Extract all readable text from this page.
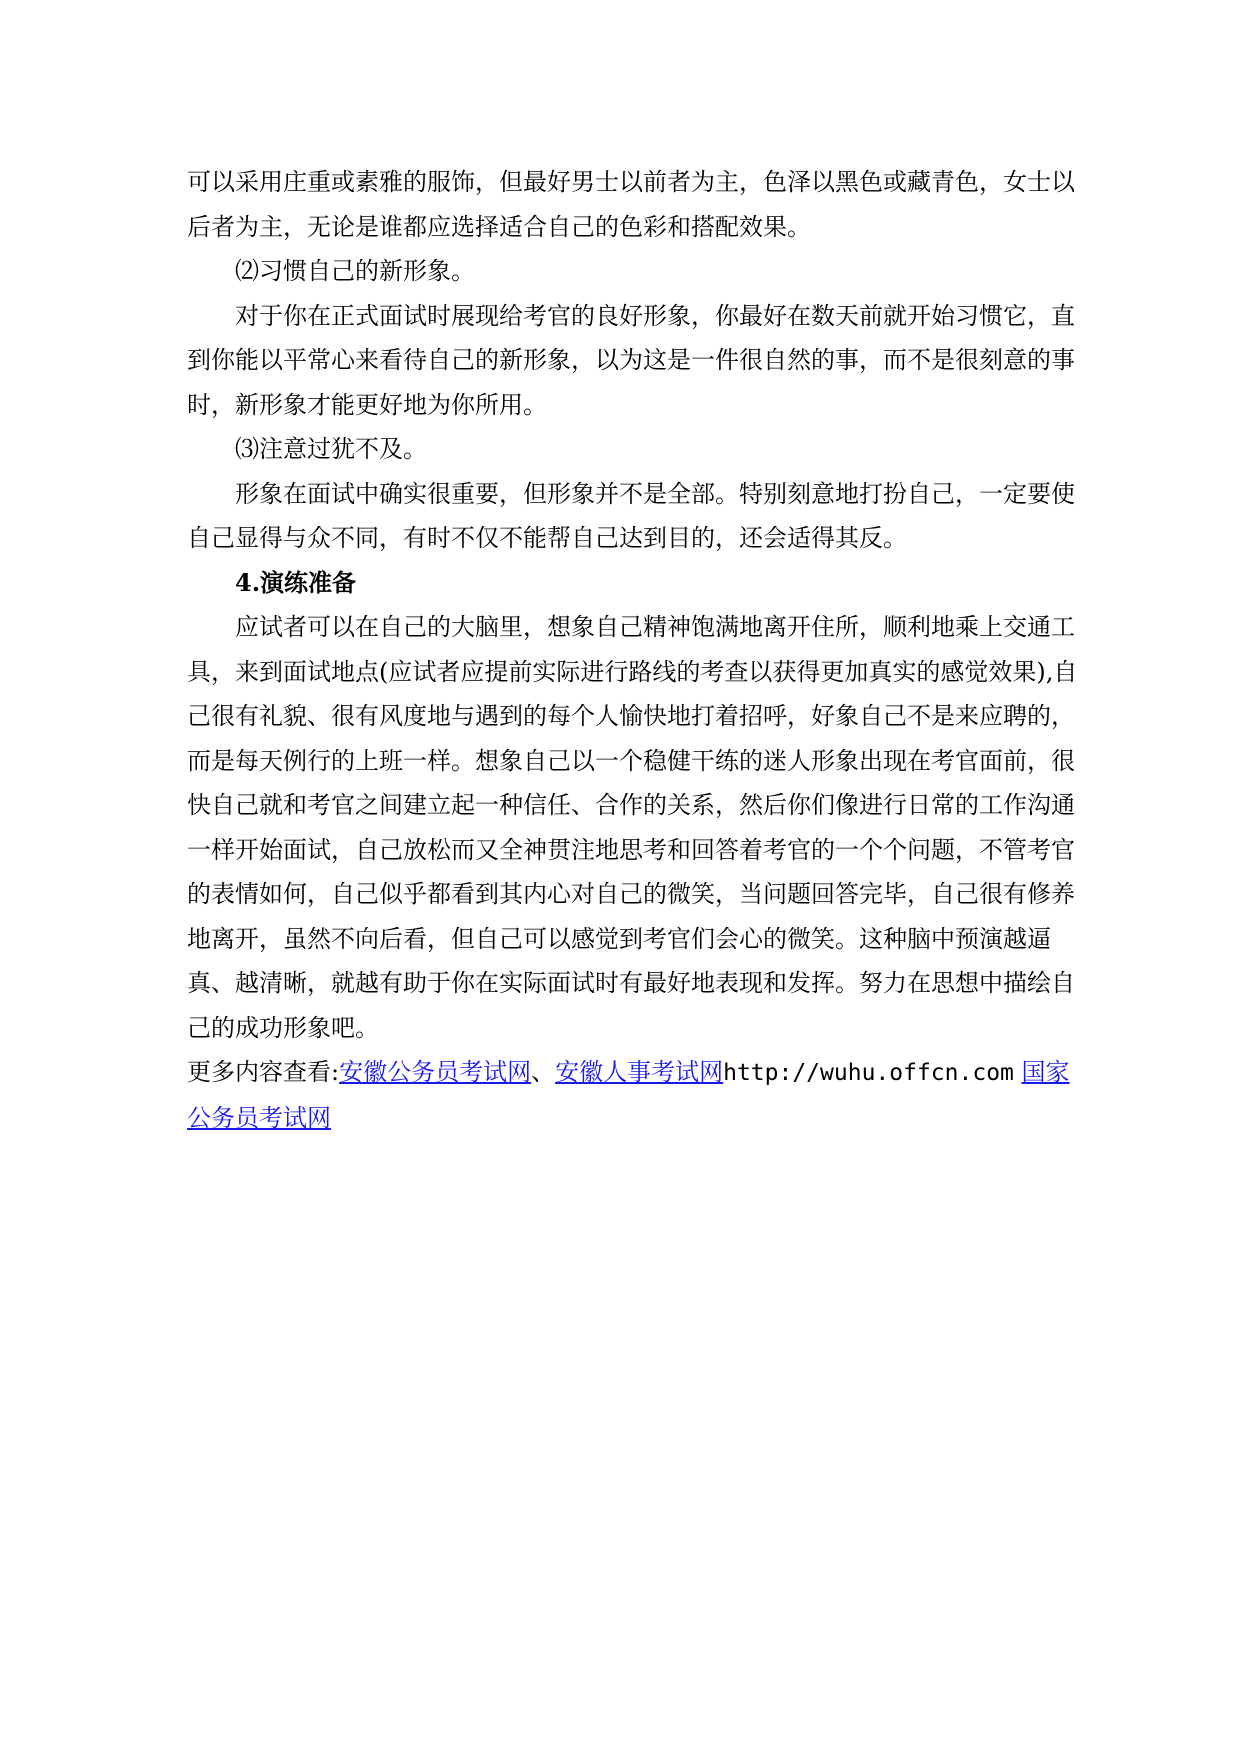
可以采用庄重或素雅的服饰，但最好男士以前者为主，色泽以黑色或藏青色，女士以后者为主，无论是谁都应选择适合自己的色彩和搭配效果。

⑵习惯自己的新形象。

对于你在正式面试时展现给考官的良好形象，你最好在数天前就开始习惯它，直到你能以平常心来看待自己的新形象，以为这是一件很自然的事，而不是很刻意的事时，新形象才能更好地为你所用。

⑶注意过犹不及。

形象在面试中确实很重要，但形象并不是全部。特别刻意地打扮自己，一定要使自己显得与众不同，有时不仅不能帮自己达到目的，还会适得其反。

4.演练准备

应试者可以在自己的大脑里，想象自己精神饱满地离开住所，顺利地乘上交通工具，来到面试地点(应试者应提前实际进行路线的考查以获得更加真实的感觉效果),自己很有礼貌、很有风度地与遇到的每个人愉快地打着招呼，好象自己不是来应聘的，而是每天例行的上班一样。想象自己以一个稳健干练的迷人形象出现在考官面前，很快自己就和考官之间建立起一种信任、合作的关系，然后你们像进行日常的工作沟通一样开始面试，自己放松而又全神贯注地思考和回答着考官的一个个问题，不管考官的表情如何，自己似乎都看到其内心对自己的微笑，当问题回答完毕，自己很有修养地离开，虽然不向后看，但自己可以感觉到考官们会心的微笑。这种脑中预演越逼真、越清晰，就越有助于你在实际面试时有最好地表现和发挥。努力在思想中描绘自己的成功形象吧。

更多内容查看:安徽公务员考试网、安徽人事考试网http://wuhu.offcn.com 国家公务员考试网
